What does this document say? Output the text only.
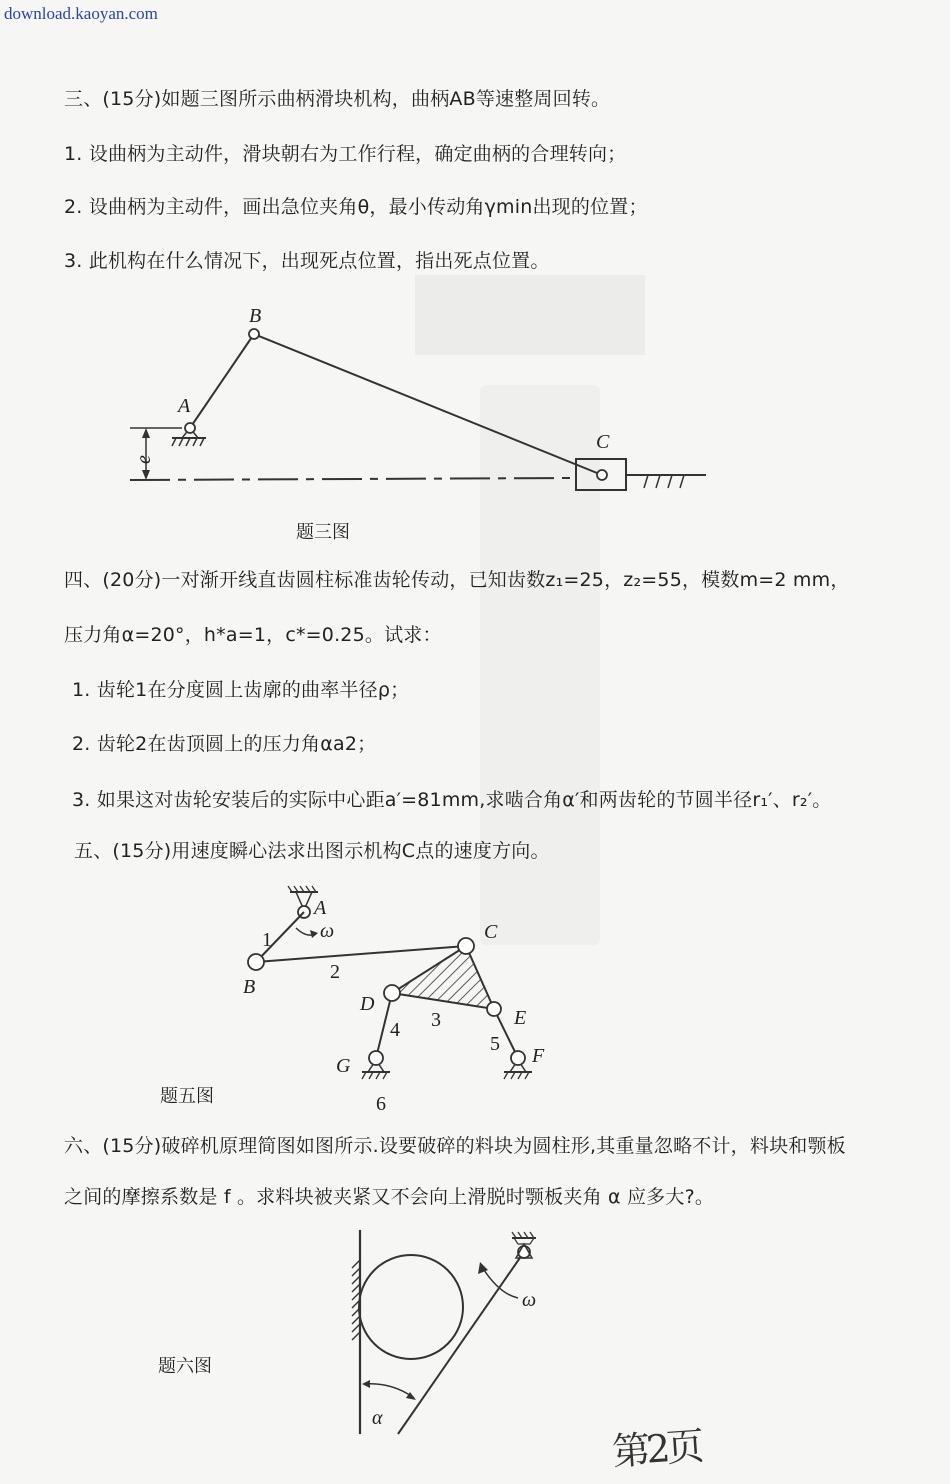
download.kaoyan.com
三、(15分)如题三图所示曲柄滑块机构，曲柄AB等速整周回转。
1. 设曲柄为主动件，滑块朝右为工作行程，确定曲柄的合理转向；
2. 设曲柄为主动件，画出急位夹角θ，最小传动角γmin出现的位置；
3. 此机构在什么情况下，出现死点位置，指出死点位置。
e
A
B
C
题三图
四、(20分)一对渐开线直齿圆柱标准齿轮传动，已知齿数z₁=25，z₂=55，模数m=2 mm，
压力角α=20°，h*a=1，c*=0.25。试求：
1. 齿轮1在分度圆上齿廓的曲率半径ρ；
2. 齿轮2在齿顶圆上的压力角αa2；
3. 如果这对齿轮安装后的实际中心距a′=81mm,求啮合角α′和两齿轮的节圆半径r₁′、r₂′。
五、(15分)用速度瞬心法求出图示机构C点的速度方向。
A
ω
1
B
2
C
D
3	E
4
5
G	F
6
题五图
六、(15分)破碎机原理简图如图所示.设要破碎的料块为圆柱形,其重量忽略不计，料块和颚板
之间的摩擦系数是 f 。求料块被夹紧又不会向上滑脱时颚板夹角 α 应多大?。
ω
α
题六图
第2页
